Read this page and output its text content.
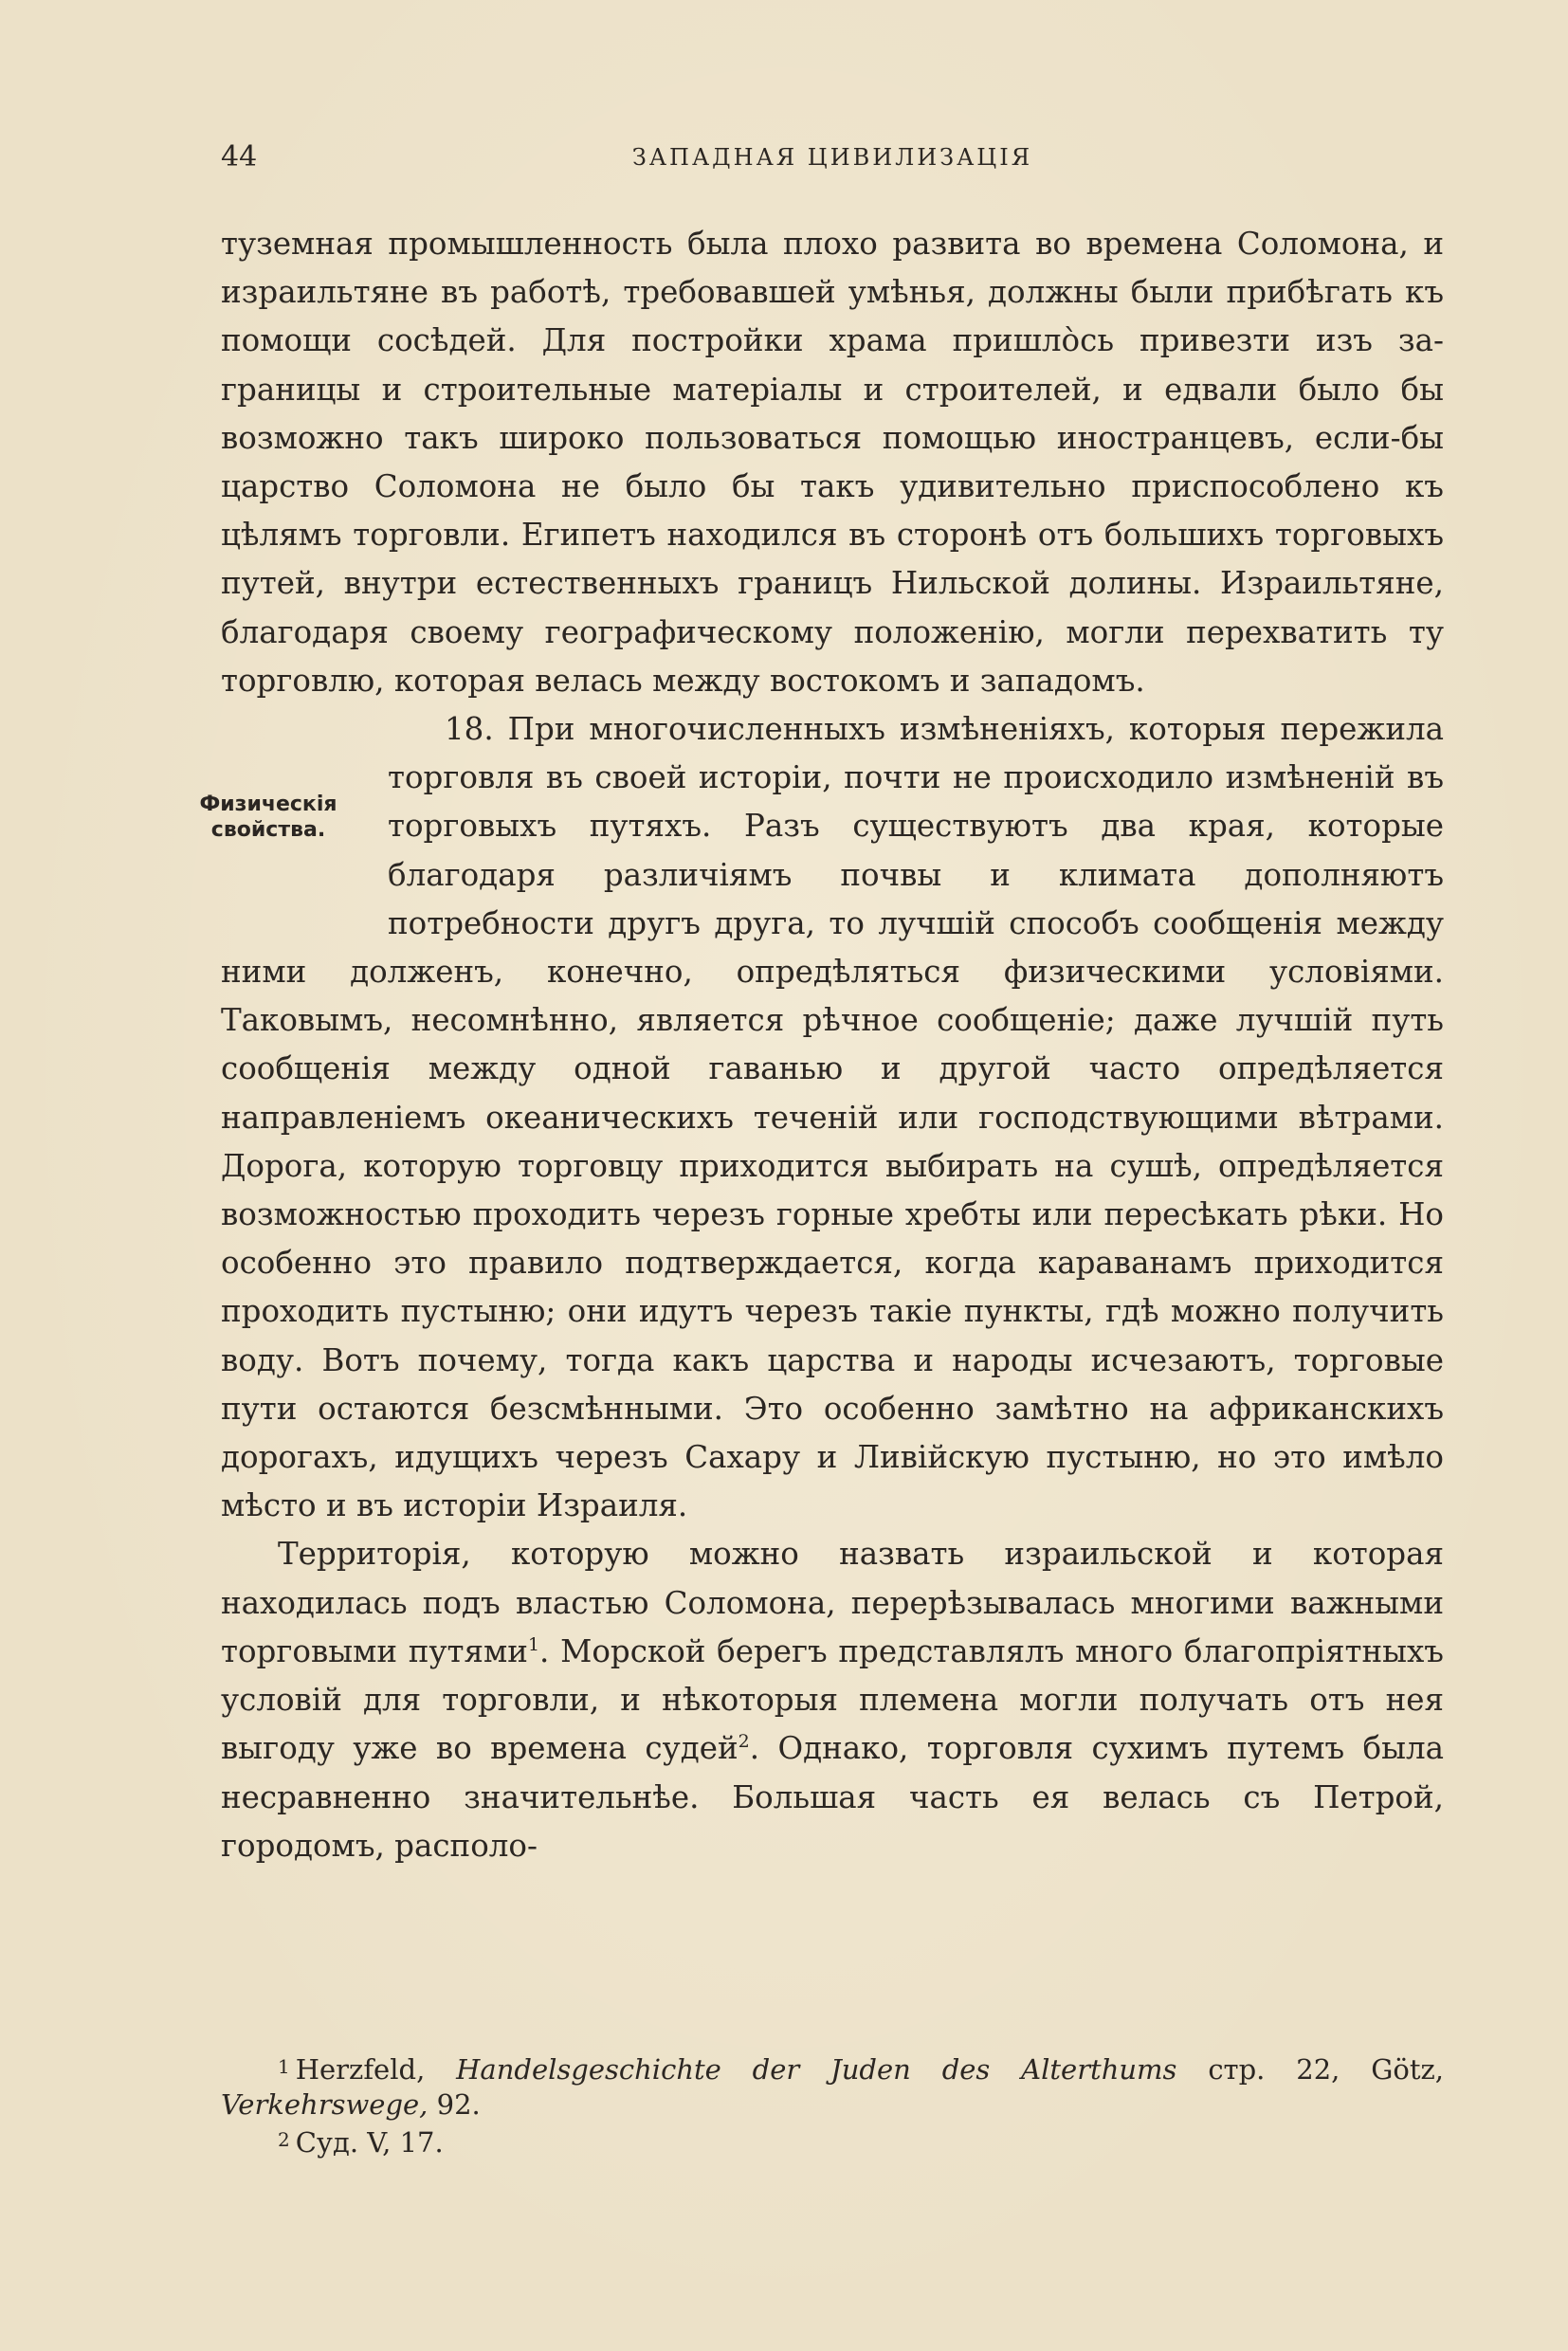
44	ЗАПАДНАЯ ЦИВИЛИЗАЦІЯ

туземная промышленность была плохо развита во времена Соломона, и израильтяне въ работѣ, требовавшей умѣнья, должны были прибѣгать къ помощи сосѣдей. Для постройки храма пришло̀сь привезти изъ за-границы и строительные матеріалы и строителей, и едвали было бы возможно такъ широко пользоваться помощью иностранцевъ, если-бы царство Соломона не было бы такъ удивительно приспособлено къ цѣлямъ торговли. Египетъ находился въ сторонѣ отъ большихъ торговыхъ путей, внутри естественныхъ границъ Нильской долины. Израильтяне, благодаря своему географическому положенію, могли перехватить ту торговлю, которая велась между востокомъ и западомъ.

Физическія
свойства.
18. При многочисленныхъ измѣненіяхъ, которыя пережила торговля въ своей исторіи, почти не происходило измѣненій въ торговыхъ путяхъ. Разъ существуютъ два края, которые благодаря различіямъ почвы и климата дополняютъ потребности другъ друга, то лучшій способъ сообщенія между ними долженъ, конечно, опредѣляться физическими условіями. Таковымъ, несомнѣнно, является рѣчное сообщеніе; даже лучшій путь сообщенія между одной гаванью и другой часто опредѣляется направленіемъ океаническихъ теченій или господствующими вѣтрами. Дорога, которую торговцу приходится выбирать на сушѣ, опредѣляется возможностью проходить черезъ горные хребты или пересѣкать рѣки. Но особенно это правило подтверждается, когда караванамъ приходится проходить пустыню; они идутъ черезъ такіе пункты, гдѣ можно получить воду. Вотъ почему, тогда какъ царства и народы исчезаютъ, торговые пути остаются безсмѣнными. Это особенно замѣтно на африканскихъ дорогахъ, идущихъ черезъ Сахару и Ливійскую пустыню, но это имѣло мѣсто и въ исторіи Израиля.

Территорія, которую можно назвать израильской и которая находилась подъ властью Соломона, перерѣзывалась многими важными торговыми путями$^1$. Морской берегъ представлялъ много благопріятныхъ условій для торговли, и нѣкоторыя племена могли получать отъ нея выгоду уже во времена судей$^2$. Однако, торговля сухимъ путемъ была несравненно значительнѣе. Большая часть ея велась съ Петрой, городомъ, располо-

$^1$ Herzfeld, Handelsgeschichte der Juden des Alterthums стр. 22, Götz, Verkehrswege, 92.

$^2$ Суд. V, 17.
